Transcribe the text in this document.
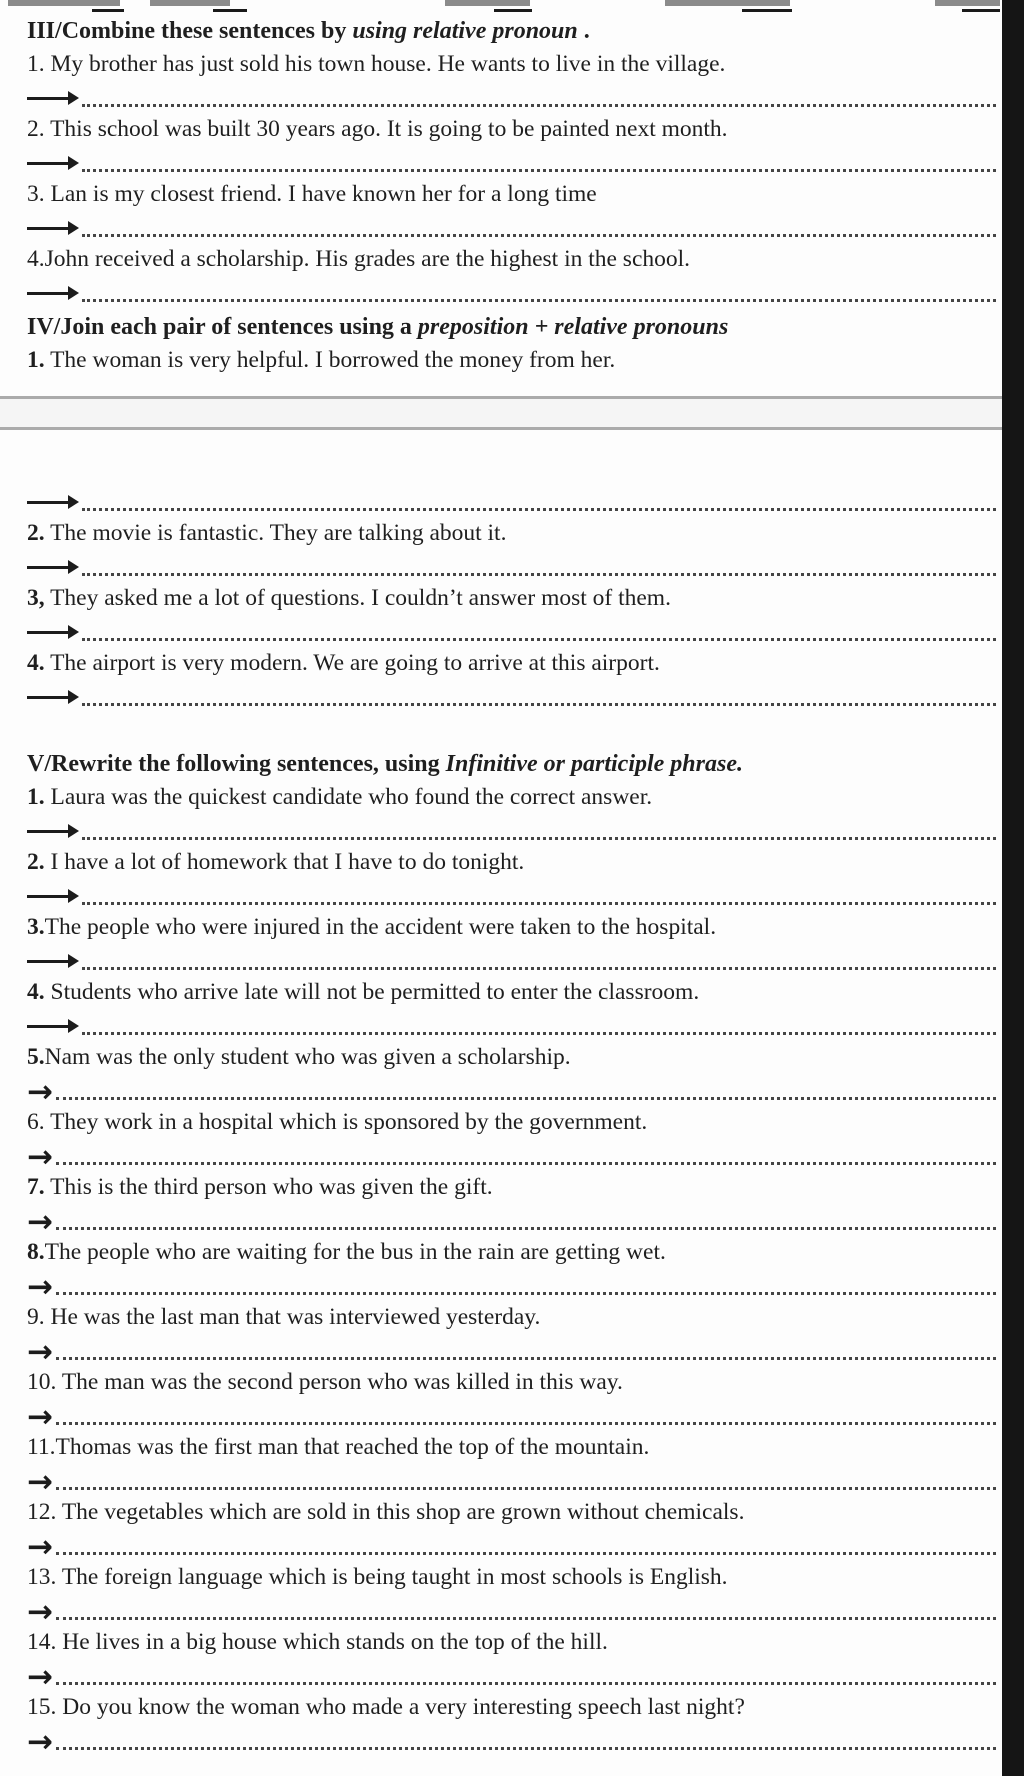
III/Combine these sentences by using relative pronoun .

1. My brother has just sold his town house. He wants to live in the village.

2. This school was built 30 years ago. It is going to be painted next month.

3. Lan is my closest friend. I have known her for a long time

4.John received a scholarship. His grades are the highest in the school.

IV/Join each pair of sentences using a preposition + relative pronouns

1. The woman is very helpful. I borrowed the money from her.

2. The movie is fantastic. They are talking about it.

3, They asked me a lot of questions. I couldn’t answer most of them.

4. The airport is very modern. We are going to arrive at this airport.

V/Rewrite the following sentences, using Infinitive or participle phrase.

1. Laura was the quickest candidate who found the correct answer.

2. I have a lot of homework that I have to do tonight.

3.The people who were injured in the accident were taken to the hospital.

4. Students who arrive late will not be permitted to enter the classroom.

5.Nam was the only student who was given a scholarship.

→

6. They work in a hospital which is sponsored by the government.

→

7. This is the third person who was given the gift.

→

8.The people who are waiting for the bus in the rain are getting wet.

→

9. He was the last man that was interviewed yesterday.

→

10. The man was the second person who was killed in this way.

→

11.Thomas was the first man that reached the top of the mountain.

→

12. The vegetables which are sold in this shop are grown without chemicals.

→

13. The foreign language which is being taught in most schools is English.

→

14. He lives in a big house which stands on the top of the hill.

→

15. Do you know the woman who made a very interesting speech last night?

→
